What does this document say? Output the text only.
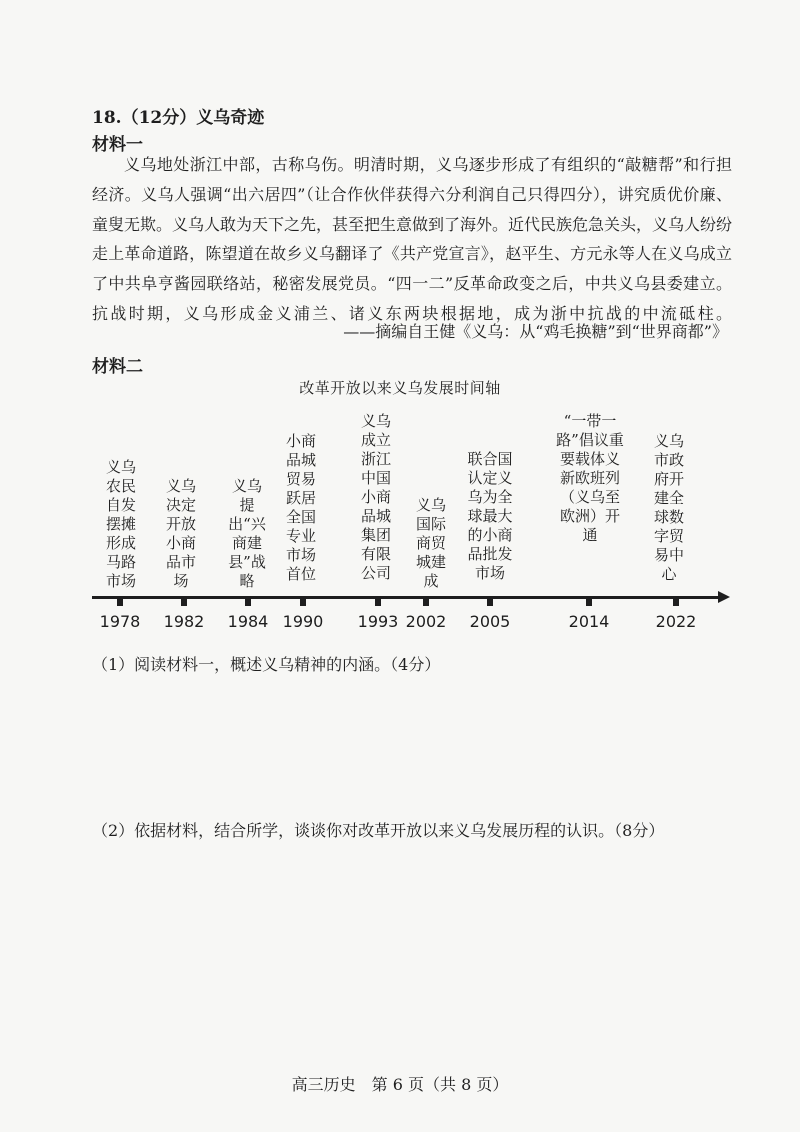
18.（12分）义乌奇迹
材料一
义乌地处浙江中部，古称乌伤。明清时期，义乌逐步形成了有组织的“敲糖帮”和行担经济。义乌人强调“出六居四”（让合作伙伴获得六分利润自己只得四分），讲究质优价廉、童叟无欺。义乌人敢为天下之先，甚至把生意做到了海外。近代民族危急关头，义乌人纷纷走上革命道路，陈望道在故乡义乌翻译了《共产党宣言》，赵平生、方元永等人在义乌成立了中共阜亨酱园联络站，秘密发展党员。“四一二”反革命政变之后，中共义乌县委建立。抗战时期，义乌形成金义浦兰、诸义东两块根据地，成为浙中抗战的中流砥柱。
——摘编自王健《义乌：从“鸡毛换糖”到“世界商都”》
材料二
改革开放以来义乌发展时间轴
义乌农民自发摆摊形成马路市场
义乌决定开放小商品市场
义乌提出“兴商建县”战略
小商品城贸易跃居全国专业市场首位
义乌成立浙江中国小商品城集团有限公司
义乌国际商贸城建成
联合国认定义乌为全球最大的小商品批发市场
“一带一路”倡议重要载体义新欧班列（义乌至欧洲）开通
义乌市政府开建全球数字贸易中心
1978 1982 1984 1990 1993 2002 2005	2014	2022
（1）阅读材料一，概述义乌精神的内涵。（4分）
（2）依据材料，结合所学，谈谈你对改革开放以来义乌发展历程的认识。（8分）
高三历史　第 6 页（共 8 页）
